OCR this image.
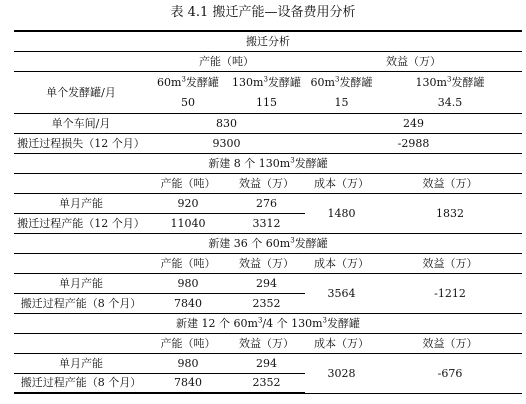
表 4.1 搬迁产能—设备费用分析
搬迁分析				
	产能（吨）		效益（万）	
单个发酵罐/月	$60m^3$发酵罐	$130m^3$发酵罐	$60m^3$发酵罐	$130m^3$发酵罐
	50	115	15	34.5
单个车间/月	830		249	
搬迁过程损失（12 个月）	9300		-2988	
新建 8 个 $130m^3$发酵罐				
	产能（吨）	效益（万）	成本（万）	效益（万）
单月产能	920	276	1480	1832
搬迁过程产能（12 个月）	11040	3312		
新建 36 个 $60m^3$发酵罐				
	产能（吨）	效益（万）	成本（万）	效益（万）
单月产能	980	294	3564	-1212
搬迁过程产能（8 个月）	7840	2352		
新建 12 个 $60m^3/4$ 个 $130m^3$发酵罐				
	产能（吨）	效益（万）	成本（万）	效益（万）
单月产能	980	294	3028	-676
搬迁过程产能（8 个月）	7840	2352		
